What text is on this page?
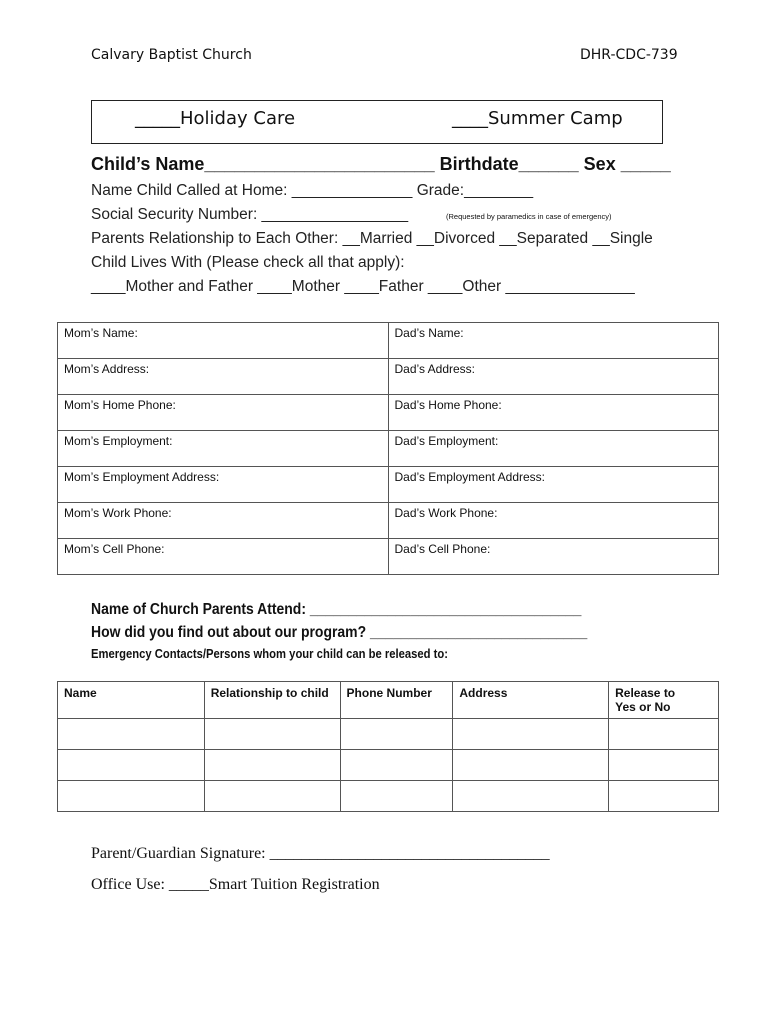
Calvary Baptist Church	DHR-CDC-739
_____Holiday Care	____Summer Camp
Child’s Name_______________________ Birthdate______ Sex _____
Name Child Called at Home: ______________ Grade:________
Social Security Number: _________________	(Requested by paramedics in case of emergency)
Parents Relationship to Each Other: __Married __Divorced __Separated __Single
Child Lives With (Please check all that apply):
____Mother and Father ____Mother ____Father ____Other _______________
Mom’s Name:	Dad’s Name:
Mom’s Address:	Dad’s Address:
Mom’s Home Phone:	Dad’s Home Phone:
Mom’s Employment:	Dad’s Employment:
Mom’s Employment Address:	Dad’s Employment Address:
Mom’s Work Phone:	Dad’s Work Phone:
Mom’s Cell Phone:	Dad’s Cell Phone:
Name of Church Parents Attend: ___________________________________
How did you find out about our program? ____________________________
Emergency Contacts/Persons whom your child can be released to:
Name	Relationship to child	Phone Number	Address	Release to
Yes or No

Parent/Guardian Signature: ___________________________________
Office Use: _____Smart Tuition Registration
